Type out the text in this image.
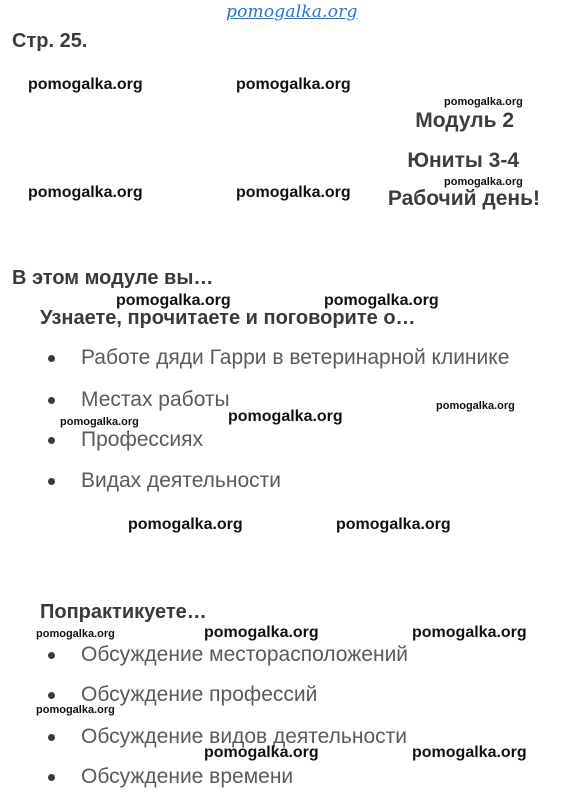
pomogalka.org
Стр. 25.
Модуль 2
Юниты 3-4
Рабочий день!
В этом модуле вы…
Узнаете, прочитаете и поговорите о…
Работе дяди Гарри в ветеринарной клинике
Местах работы
Профессиях
Видах деятельности
Попрактикуете…
Обсуждение месторасположений
Обсуждение профессий
Обсуждение видов деятельности
Обсуждение времени
pomogalka.org	pomogalka.org
pomogalka.org	pomogalka.org
pomogalka.org	pomogalka.org
pomogalka.org
pomogalka.org	pomogalka.org
pomogalka.org	pomogalka.org
pomogalka.org	pomogalka.org
pomogalka.org
pomogalka.org
pomogalka.org
pomogalka.org
pomogalka.org
pomogalka.org
